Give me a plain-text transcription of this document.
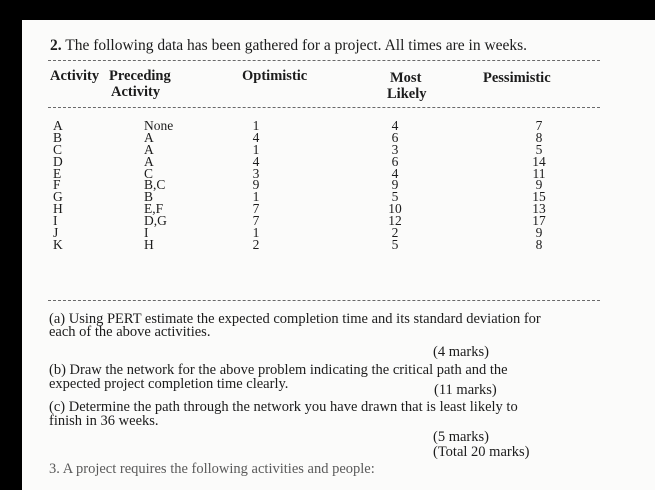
2. The following data has been gathered for a project. All times are in weeks.
Activity Preceding
Activity
Optimistic	Most
Likely
Pessimistic
A
B
C
D
E
F
G
H
I
J
K
None
A
A
A
C
B,C
B
E,F
D,G
I
H
1
4
1
4
3
9
1
7
7
1
2
4
6
3
6
4
9
5
10
12
2
5
7
8
5
14
11
9
15
13
17
9
8
(a) Using PERT estimate the expected completion time and its standard deviation for
each of the above activities.
(4 marks)
(b) Draw the network for the above problem indicating the critical path and the
expected project completion time clearly.	(11 marks)
(c) Determine the path through the network you have drawn that is least likely to
finish in 36 weeks.
(5 marks)
(Total 20 marks)
3. A project requires the following activities and people:
